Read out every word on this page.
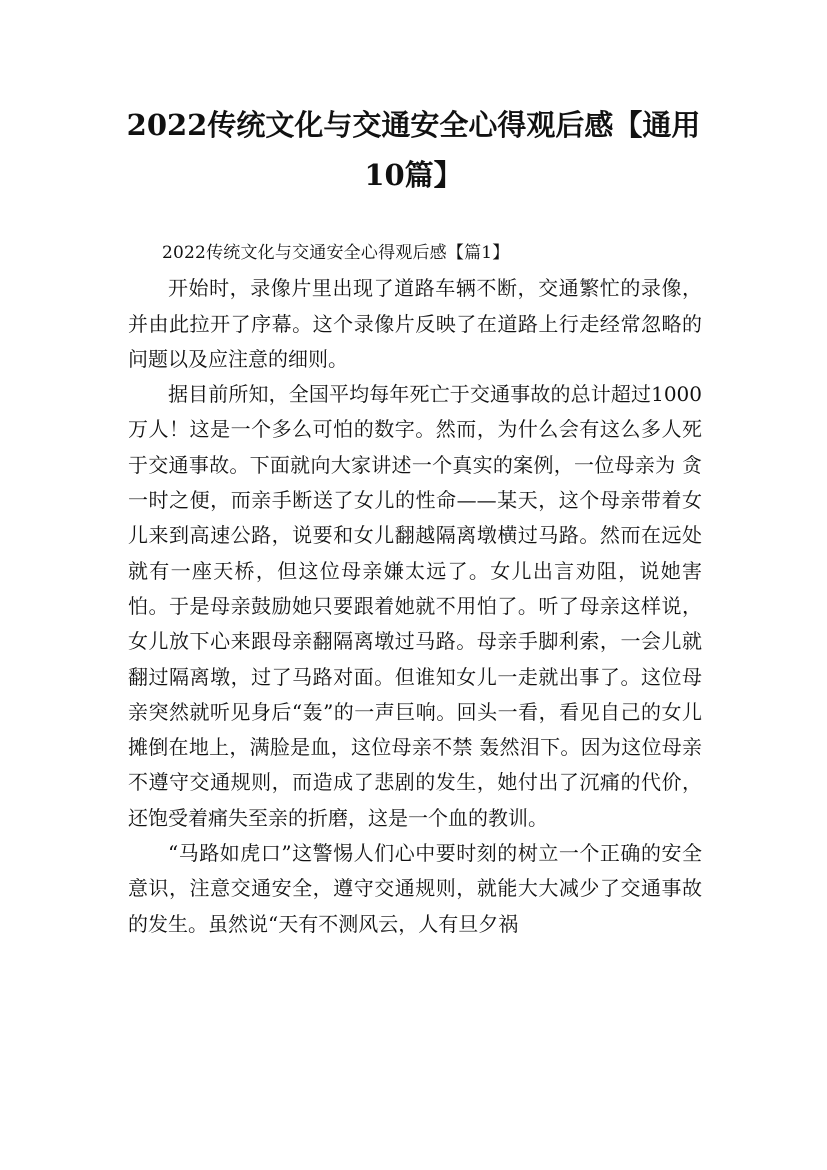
2022传统文化与交通安全心得观后感【通用
10篇】

2022传统文化与交通安全心得观后感【篇1】

开始时，录像片里出现了道路车辆不断，交通繁忙的录像，并由此拉开了序幕。这个录像片反映了在道路上行走经常忽略的问题以及应注意的细则。

据目前所知，全国平均每年死亡于交通事故的总计超过1000万人！这是一个多么可怕的数字。然而，为什么会有这么多人死于交通事故。下面就向大家讲述一个真实的案例，一位母亲为 贪一时之便，而亲手断送了女儿的性命——某天，这个母亲带着女儿来到高速公路，说要和女儿翻越隔离墩横过马路。然而在远处就有一座天桥，但这位母亲嫌太远了。女儿出言劝阻，说她害怕。于是母亲鼓励她只要跟着她就不用怕了。听了母亲这样说，女儿放下心来跟母亲翻隔离墩过马路。母亲手脚利索，一会儿就翻过隔离墩，过了马路对面。但谁知女儿一走就出事了。这位母亲突然就听见身后“轰”的一声巨响。回头一看，看见自己的女儿摊倒在地上，满脸是血，这位母亲不禁 轰然泪下。因为这位母亲不遵守交通规则，而造成了悲剧的发生，她付出了沉痛的代价，还饱受着痛失至亲的折磨，这是一个血的教训。

“马路如虎口”这警惕人们心中要时刻的树立一个正确的安全意识，注意交通安全，遵守交通规则，就能大大减少了交通事故的发生。虽然说“天有不测风云，人有旦夕祸
